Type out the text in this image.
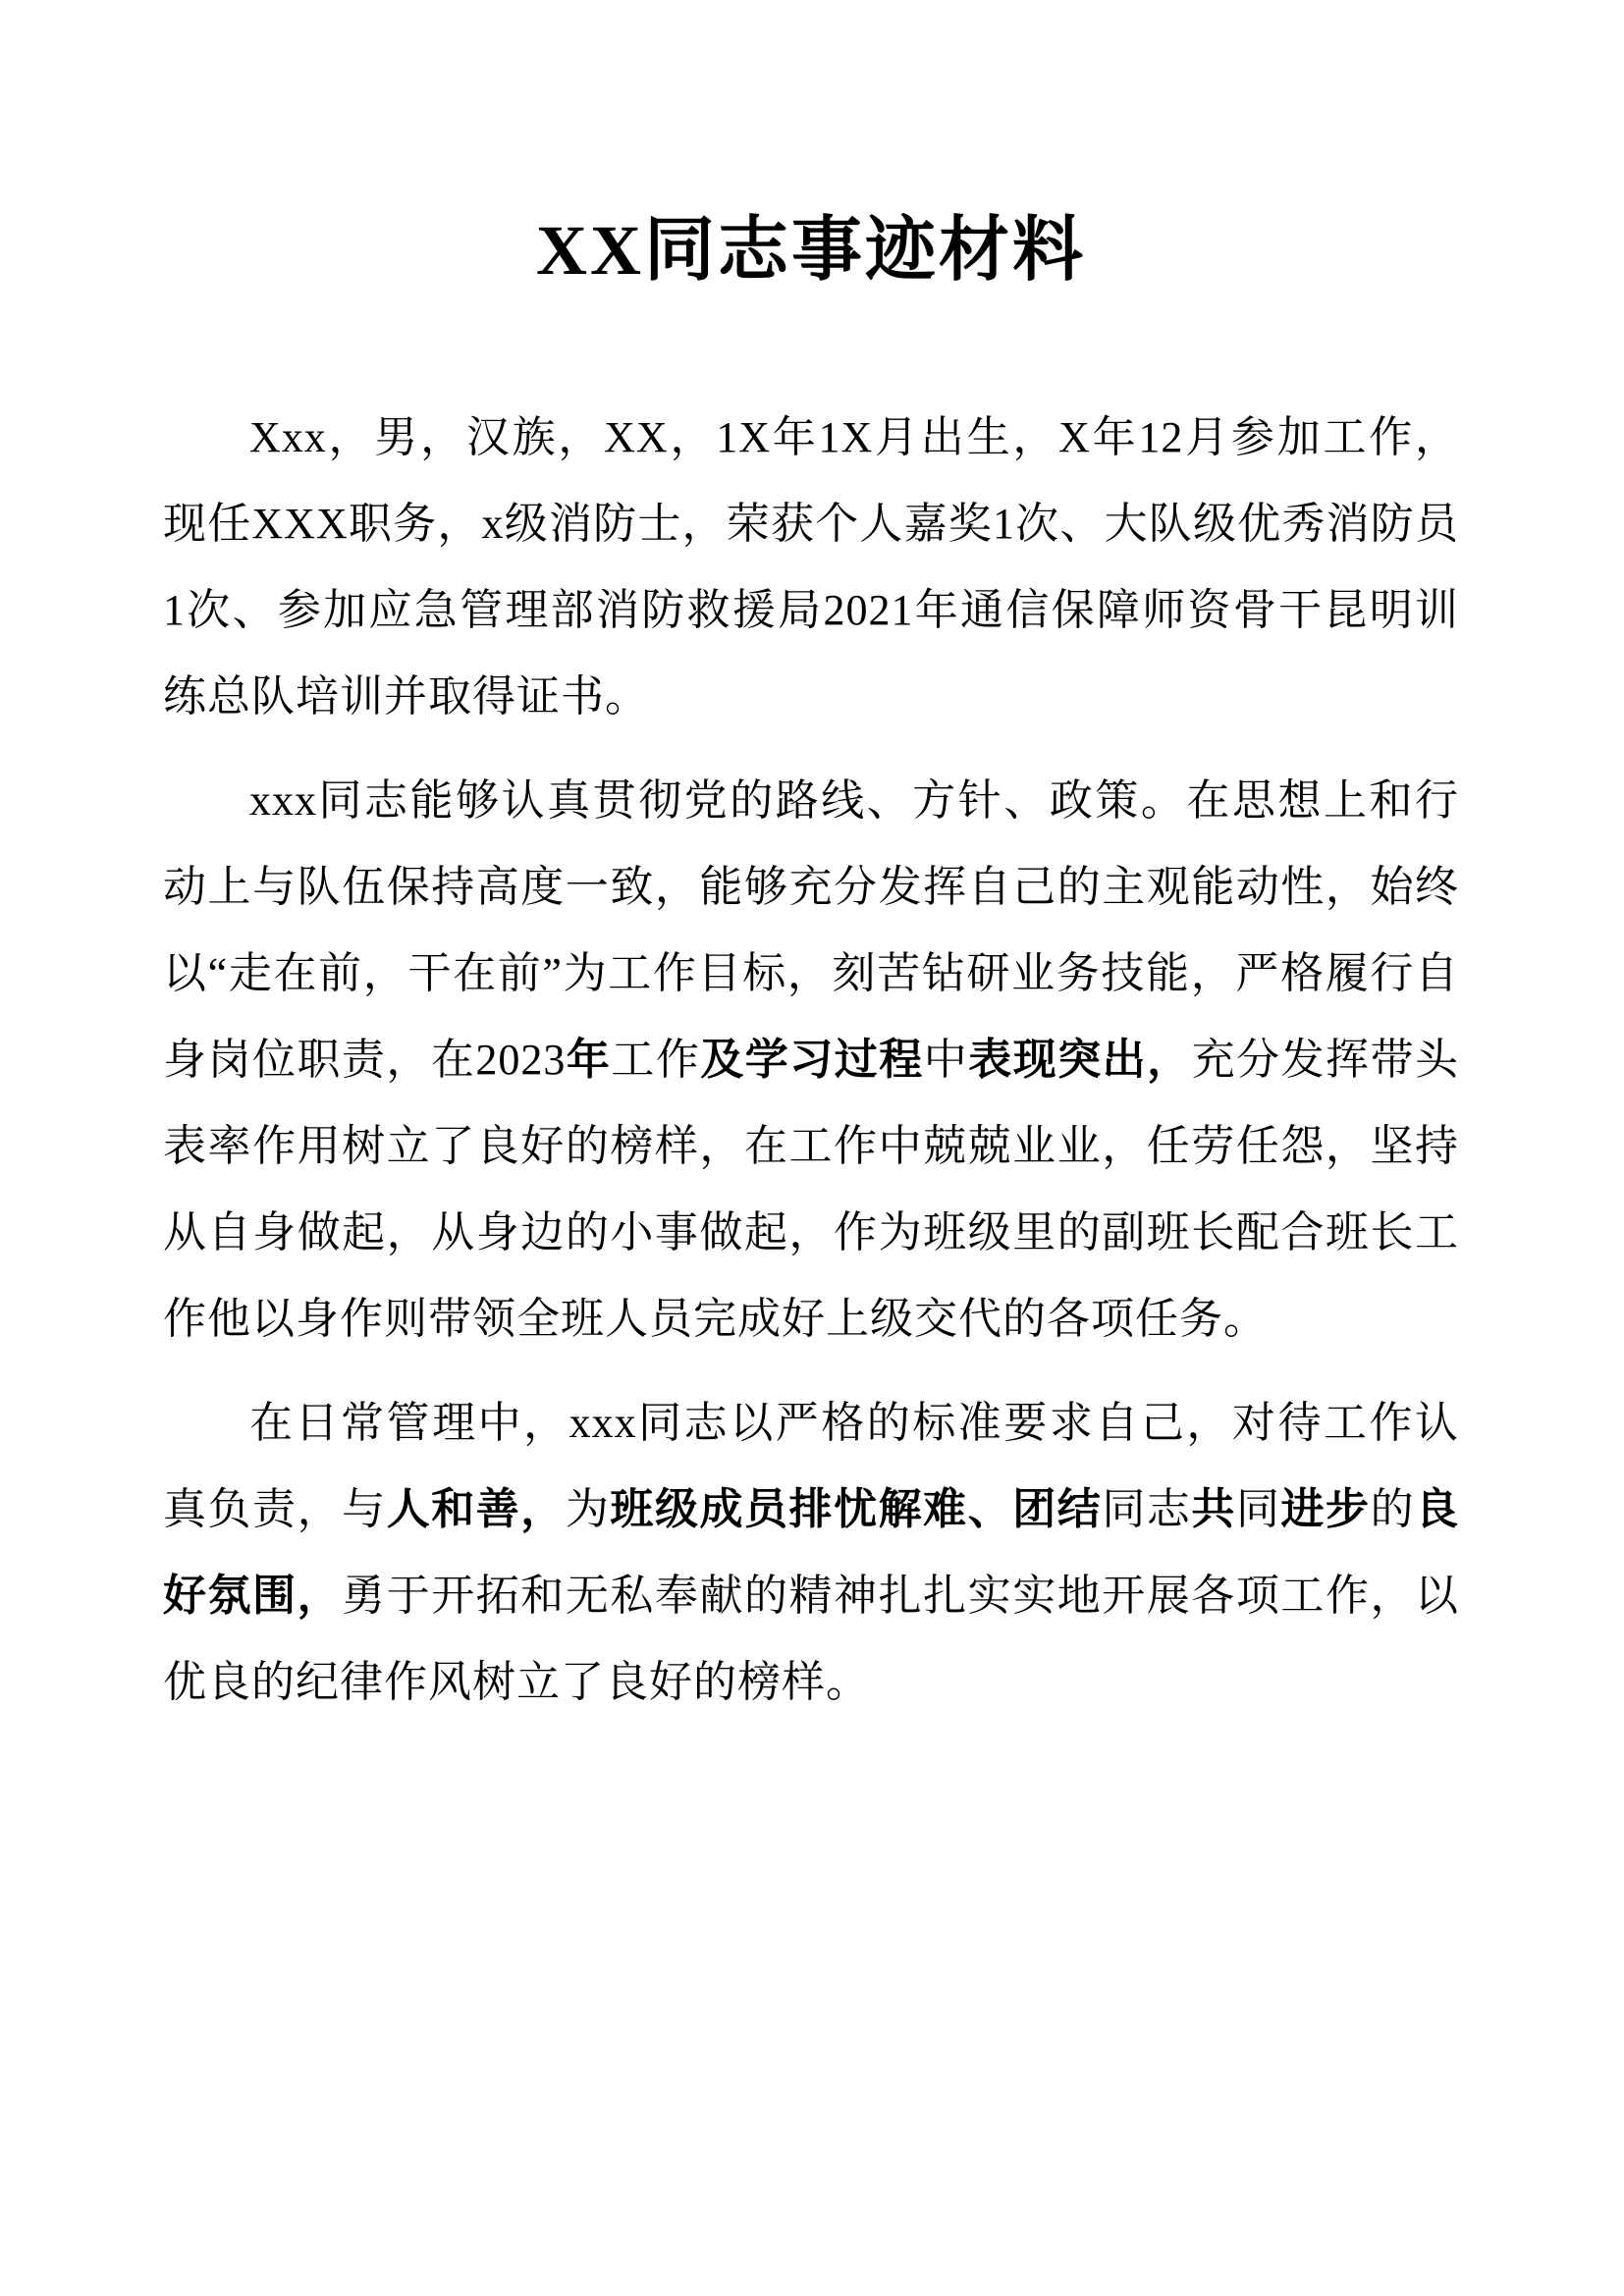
XX同志事迹材料

Xxx，男，汉族，XX，1X年1X月出生，X年12月参加工作，现任XXX职务，x级消防士，荣获个人嘉奖1次、大队级优秀消防员1次、参加应急管理部消防救援局2021年通信保障师资骨干昆明训练总队培训并取得证书。

xxx同志能够认真贯彻党的路线、方针、政策。在思想上和行动上与队伍保持高度一致，能够充分发挥自己的主观能动性，始终以“走在前，干在前”为工作目标，刻苦钻研业务技能，严格履行自身岗位职责，在2023年工作及学习过程中表现突出，充分发挥带头表率作用树立了良好的榜样，在工作中兢兢业业，任劳任怨，坚持从自身做起，从身边的小事做起，作为班级里的副班长配合班长工作他以身作则带领全班人员完成好上级交代的各项任务。

在日常管理中，xxx同志以严格的标准要求自己，对待工作认真负责，与人和善，为班级成员排忧解难、团结同志共同进步的良好氛围，勇于开拓和无私奉献的精神扎扎实实地开展各项工作，以优良的纪律作风树立了良好的榜样。
